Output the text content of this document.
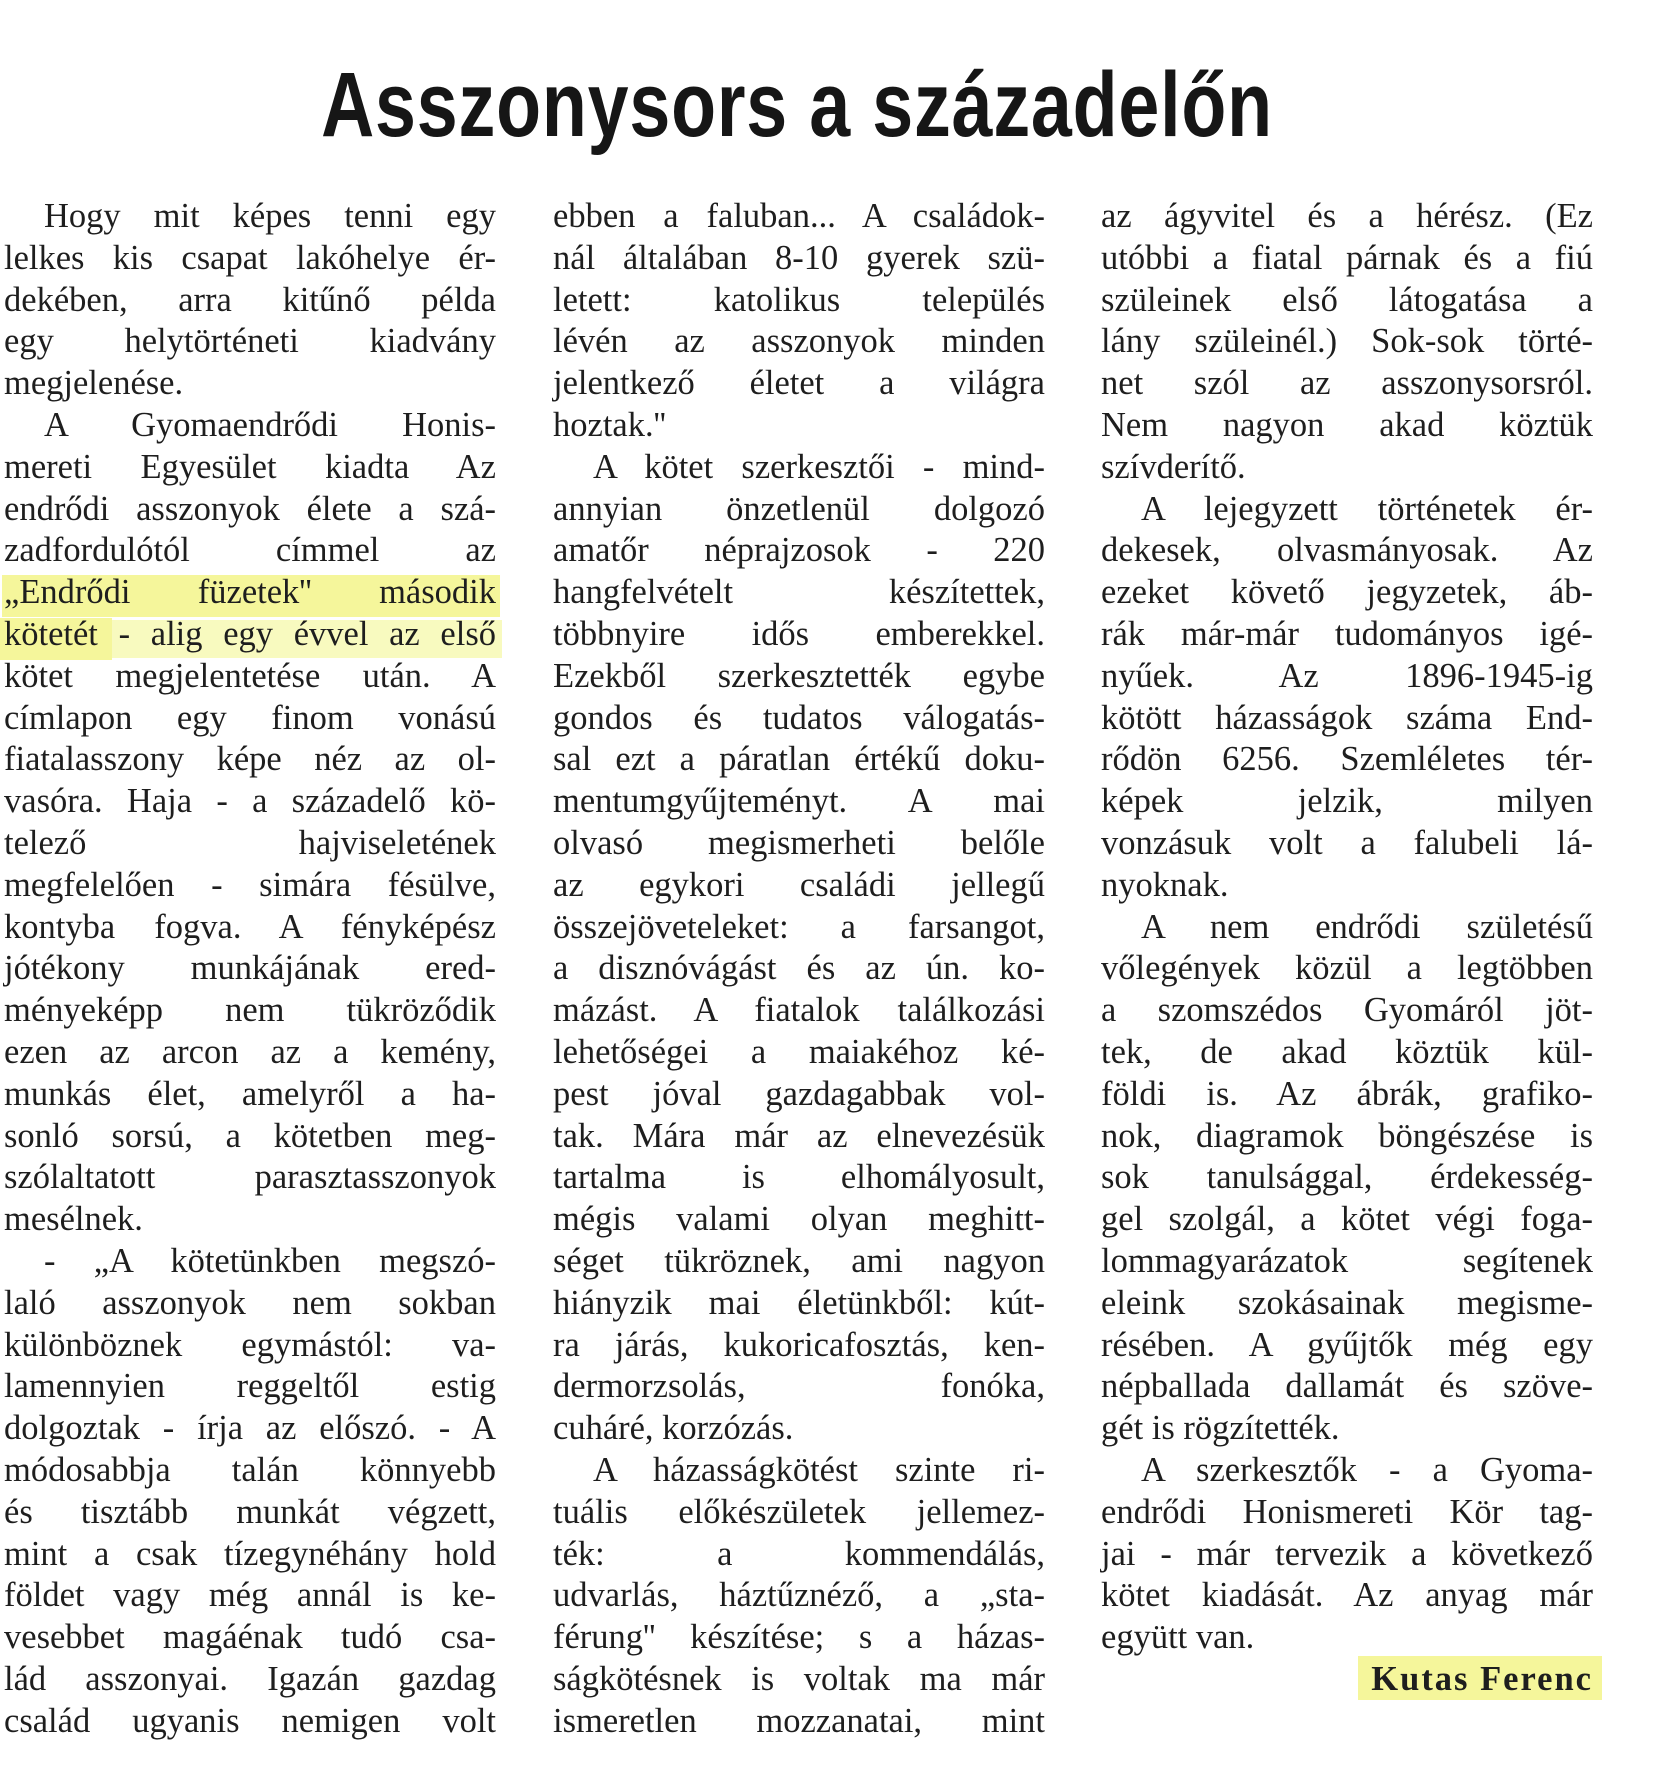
Asszonysors a századelőn
Hogy mit képes tenni egy
lelkes kis csapat lakóhelye ér-
dekében, arra kitűnő példa
egy helytörténeti kiadvány
megjelenése.
A Gyomaendrődi Honis-
mereti Egyesület kiadta Az
endrődi asszonyok élete a szá-
zadfordulótól címmel az
„Endrődi füzetek'' második
kötetét - alig egy évvel az első
kötet megjelentetése után. A
címlapon egy finom vonású
fiatalasszony képe néz az ol-
vasóra. Haja - a századelő kö-
telező hajviseletének
megfelelően - simára fésülve,
kontyba fogva. A fényképész
jótékony munkájának ered-
ményeképp nem tükröződik
ezen az arcon az a kemény,
munkás élet, amelyről a ha-
sonló sorsú, a kötetben meg-
szólaltatott parasztasszonyok
mesélnek.
- „A kötetünkben megszó-
laló asszonyok nem sokban
különböznek egymástól: va-
lamennyien reggeltől estig
dolgoztak - írja az előszó. - A
módosabbja talán könnyebb
és tisztább munkát végzett,
mint a csak tízegynéhány hold
földet vagy még annál is ke-
vesebbet magáénak tudó csa-
lád asszonyai. Igazán gazdag
család ugyanis nemigen volt
ebben a faluban... A családok-
nál általában 8-10 gyerek szü-
letett: katolikus település
lévén az asszonyok minden
jelentkező életet a világra
hoztak.''
A kötet szerkesztői - mind-
annyian önzetlenül dolgozó
amatőr néprajzosok - 220
hangfelvételt készítettek,
többnyire idős emberekkel.
Ezekből szerkesztették egybe
gondos és tudatos válogatás-
sal ezt a páratlan értékű doku-
mentumgyűjteményt. A mai
olvasó megismerheti belőle
az egykori családi jellegű
összejöveteleket: a farsangot,
a disznóvágást és az ún. ko-
mázást. A fiatalok találkozási
lehetőségei a maiakéhoz ké-
pest jóval gazdagabbak vol-
tak. Mára már az elnevezésük
tartalma is elhomályosult,
mégis valami olyan meghitt-
séget tükröznek, ami nagyon
hiányzik mai életünkből: kút-
ra járás, kukoricafosztás, ken-
dermorzsolás, fonóka,
cuháré, korzózás.
A házasságkötést szinte ri-
tuális előkészületek jellemez-
ték: a kommendálás,
udvarlás, háztűznéző, a „sta-
férung'' készítése; s a házas-
ságkötésnek is voltak ma már
ismeretlen mozzanatai, mint
az ágyvitel és a hérész. (Ez
utóbbi a fiatal párnak és a fiú
szüleinek első látogatása a
lány szüleinél.) Sok-sok törté-
net szól az asszonysorsról.
Nem nagyon akad köztük
szívderítő.
A lejegyzett történetek ér-
dekesek, olvasmányosak. Az
ezeket követő jegyzetek, áb-
rák már-már tudományos igé-
nyűek. Az 1896-1945-ig
kötött házasságok száma End-
rődön 6256. Szemléletes tér-
képek jelzik, milyen
vonzásuk volt a falubeli lá-
nyoknak.
A nem endrődi születésű
vőlegények közül a legtöbben
a szomszédos Gyomáról jöt-
tek, de akad köztük kül-
földi is. Az ábrák, grafiko-
nok, diagramok böngészése is
sok tanulsággal, érdekesség-
gel szolgál, a kötet végi foga-
lommagyarázatok segítenek
eleink szokásainak megisme-
résében. A gyűjtők még egy
népballada dallamát és szöve-
gét is rögzítették.
A szerkesztők - a Gyoma-
endrődi Honismereti Kör tag-
jai - már tervezik a következő
kötet kiadását. Az anyag már
együtt van.
Kutas Ferenc
